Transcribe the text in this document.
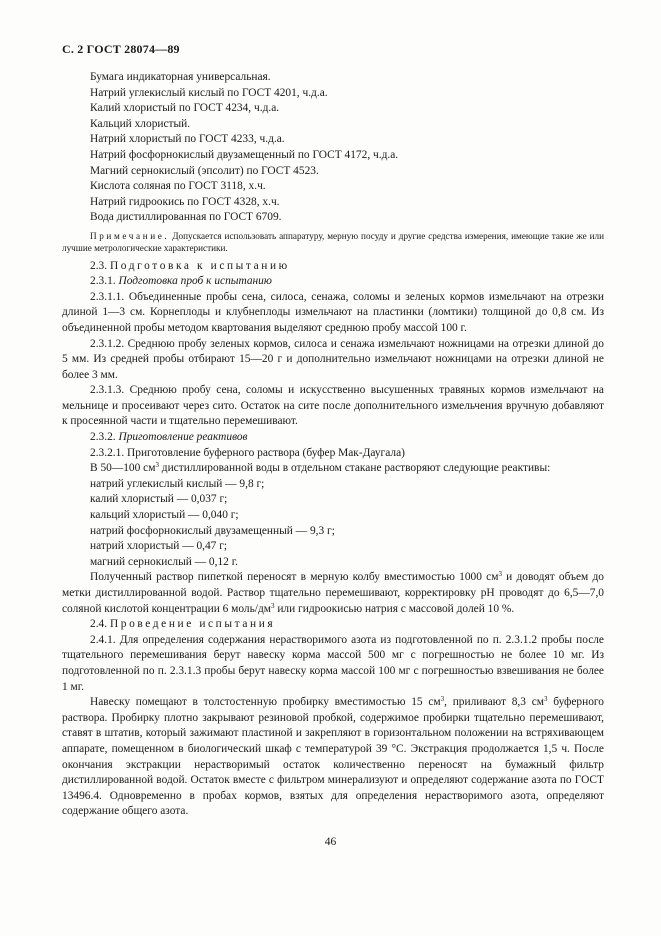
С. 2 ГОСТ 28074—89

Бумага индикаторная универсальная.

Натрий углекислый кислый по ГОСТ 4201, ч.д.а.

Калий хлористый по ГОСТ 4234, ч.д.а.

Кальций хлористый.

Натрий хлористый по ГОСТ 4233, ч.д.а.

Натрий фосфорнокислый двузамещенный по ГОСТ 4172, ч.д.а.

Магний сернокислый (эпсолит) по ГОСТ 4523.

Кислота соляная по ГОСТ 3118, х.ч.

Натрий гидроокись по ГОСТ 4328, х.ч.

Вода дистиллированная по ГОСТ 6709.

Примечание. Допускается использовать аппаратуру, мерную посуду и другие средства измерения, имеющие такие же или лучшие метрологические характеристики.

2.3. Подготовка к испытанию

2.3.1. Подготовка проб к испытанию

2.3.1.1. Объединенные пробы сена, силоса, сенажа, соломы и зеленых кормов измельчают на отрезки длиной 1—3 см. Корнеплоды и клубнеплоды измельчают на пластинки (ломтики) толщиной до 0,8 см. Из объединенной пробы методом квартования выделяют среднюю пробу массой 100 г.

2.3.1.2. Среднюю пробу зеленых кормов, силоса и сенажа измельчают ножницами на отрезки длиной до 5 мм. Из средней пробы отбирают 15—20 г и дополнительно измельчают ножницами на отрезки длиной не более 3 мм.

2.3.1.3. Среднюю пробу сена, соломы и искусственно высушенных травяных кормов измельчают на мельнице и просеивают через сито. Остаток на сите после дополнительного измельчения вручную добавляют к просеянной части и тщательно перемешивают.

2.3.2. Приготовление реактивов

2.3.2.1. Приготовление буферного раствора (буфер Мак-Даугала)

В 50—100 $см^3$ дистиллированной воды в отдельном стакане растворяют следующие реактивы:

натрий углекислый кислый — 9,8 г;

калий хлористый — 0,037 г;

кальций хлористый — 0,040 г;

натрий фосфорнокислый двузамещенный — 9,3 г;

натрий хлористый — 0,47 г;

магний сернокислый — 0,12 г.

Полученный раствор пипеткой переносят в мерную колбу вместимостью 1000 $см^3$ и доводят объем до метки дистиллированной водой. Раствор тщательно перемешивают, корректировку pH проводят до 6,5—7,0 соляной кислотой концентрации 6 моль/$дм^3$ или гидроокисью натрия с массовой долей 10 %.

2.4. Проведение испытания

2.4.1. Для определения содержания нерастворимого азота из подготовленной по п. 2.3.1.2 пробы после тщательного перемешивания берут навеску корма массой 500 мг с погрешностью не более 10 мг. Из подготовленной по п. 2.3.1.3 пробы берут навеску корма массой 100 мг с погрешностью взвешивания не более 1 мг.

Навеску помещают в толстостенную пробирку вместимостью 15 $см^3$, приливают 8,3 $см^3$ буферного раствора. Пробирку плотно закрывают резиновой пробкой, содержимое пробирки тщательно перемешивают, ставят в штатив, который зажимают пластиной и закрепляют в горизонтальном положении на встряхивающем аппарате, помещенном в биологический шкаф с температурой 39 °С. Экстракция продолжается 1,5 ч. После окончания экстракции нерастворимый остаток количественно переносят на бумажный фильтр дистиллированной водой. Остаток вместе с фильтром минерализуют и определяют содержание азота по ГОСТ 13496.4. Одновременно в пробах кормов, взятых для определения нерастворимого азота, определяют содержание общего азота.

46
